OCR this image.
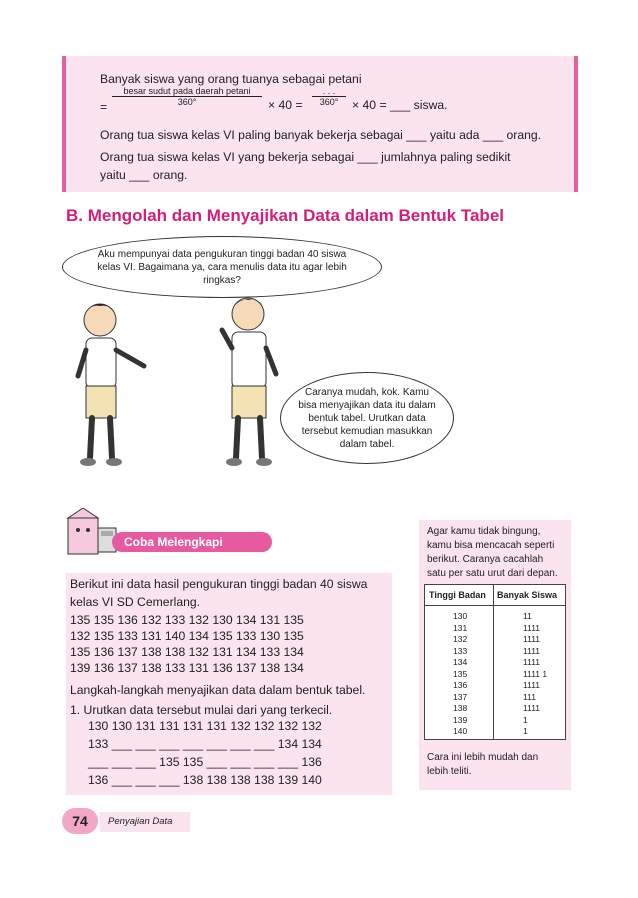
Banyak siswa yang orang tuanya sebagai petani
=
besar sudut pada daerah petani
360°	× 40 =
. . .
360°	× 40 = ___ siswa.
Orang tua siswa kelas VI paling banyak bekerja sebagai ___ yaitu ada ___ orang.
Orang tua siswa kelas VI yang bekerja sebagai ___ jumlahnya paling sedikit
yaitu ___ orang.
B. Mengolah dan Menyajikan Data dalam Bentuk Tabel
Aku mempunyai data pengukuran tinggi badan 40 siswa kelas VI. Bagaimana ya, cara menulis data itu agar lebih ringkas?
Caranya mudah, kok. Kamu bisa menyajikan data itu dalam bentuk tabel. Urutkan data tersebut kemudian masukkan dalam tabel.
Coba Melengkapi
Berikut ini data hasil pengukuran tinggi badan 40 siswa
kelas VI SD Cemerlang.
135 135 136 132 133 132 130 134 131 135
132 135 133 131 140 134 135 133 130 135
135 136 137 138 138 132 131 134 133 134
139 136 137 138 133 131 136 137 138 134
Langkah-langkah menyajikan data dalam bentuk tabel.
1. Urutkan data tersebut mulai dari yang terkecil.
130 130 131 131 131 131 132 132 132 132
133 ___ ___ ___ ___ ___ ___ ___ 134 134
___ ___ ___ 135 135 ___ ___ ___ ___ 136
136 ___ ___ ___ 138 138 138 138 139 140
Agar kamu tidak bingung,
kamu bisa mencacah seperti
berikut. Caranya cacahlah
satu per satu urut dari depan.
Cara ini lebih mudah dan
lebih teliti.
Tinggi Badan Banyak Siswa
130	11
131	1111
132	1111
133	1111
134	1111
135	1111 1
136	1111
137	111
138	1111
139	1
140	1
74	Penyajian Data
